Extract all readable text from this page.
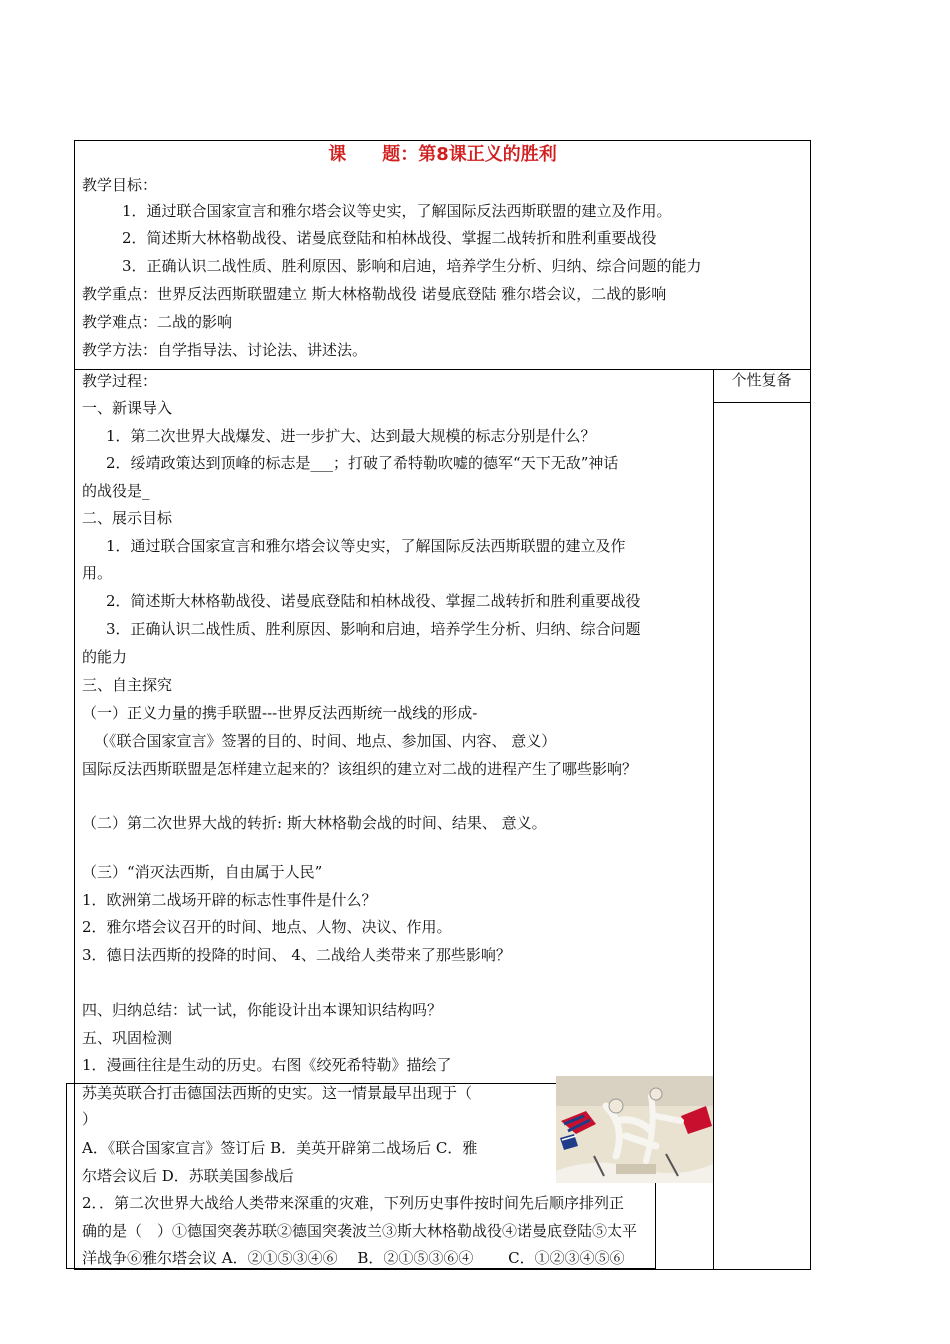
课　　题：第8课正义的胜利
教学目标：
1．通过联合国家宣言和雅尔塔会议等史实，了解国际反法西斯联盟的建立及作用。
2．简述斯大林格勒战役、诺曼底登陆和柏林战役、掌握二战转折和胜利重要战役
3．正确认识二战性质、胜利原因、影响和启迪，培养学生分析、归纳、综合问题的能力
教学重点：世界反法西斯联盟建立 斯大林格勒战役 诺曼底登陆 雅尔塔会议，二战的影响
教学难点：二战的影响
教学方法：自学指导法、讨论法、讲述法。
个性复备
教学过程：
一、新课导入
1．第二次世界大战爆发、进一步扩大、达到最大规模的标志分别是什么？
2．绥靖政策达到顶峰的标志是___；打破了希特勒吹嘘的德军“天下无敌”神话
的战役是_
二、展示目标
1．通过联合国家宣言和雅尔塔会议等史实，了解国际反法西斯联盟的建立及作
用。
2．简述斯大林格勒战役、诺曼底登陆和柏林战役、掌握二战转折和胜利重要战役
3．正确认识二战性质、胜利原因、影响和启迪，培养学生分析、归纳、综合问题
的能力
三、自主探究
（一）正义力量的携手联盟---世界反法西斯统一战线的形成-
（《联合国家宣言》签署的目的、时间、地点、参加国、内容、 意义）
国际反法西斯联盟是怎样建立起来的？该组织的建立对二战的进程产生了哪些影响？
（二）第二次世界大战的转折: 斯大林格勒会战的时间、结果、 意义。
（三）“消灭法西斯，自由属于人民”
1．欧洲第二战场开辟的标志性事件是什么？
2．雅尔塔会议召开的时间、地点、人物、决议、作用。
3．德日法西斯的投降的时间、 4、二战给人类带来了那些影响？
四、归纳总结：试一试，你能设计出本课知识结构吗？
五、巩固检测
1．漫画往往是生动的历史。右图《绞死希特勒》描绘了
苏美英联合打击德国法西斯的史实。这一情景最早出现于（
）
A．《联合国家宣言》签订后 B．美英开辟第二战场后 C．雅
尔塔会议后 D．苏联美国参战后
2．．第二次世界大战给人类带来深重的灾难，下列历史事件按时间先后顺序排列正
确的是（　）①德国突袭苏联②德国突袭波兰③斯大林格勒战役④诺曼底登陆⑤太平
洋战争⑥雅尔塔会议 A．②①⑤③④⑥　 B．②①⑤③⑥④　　 C．①②③④⑤⑥
